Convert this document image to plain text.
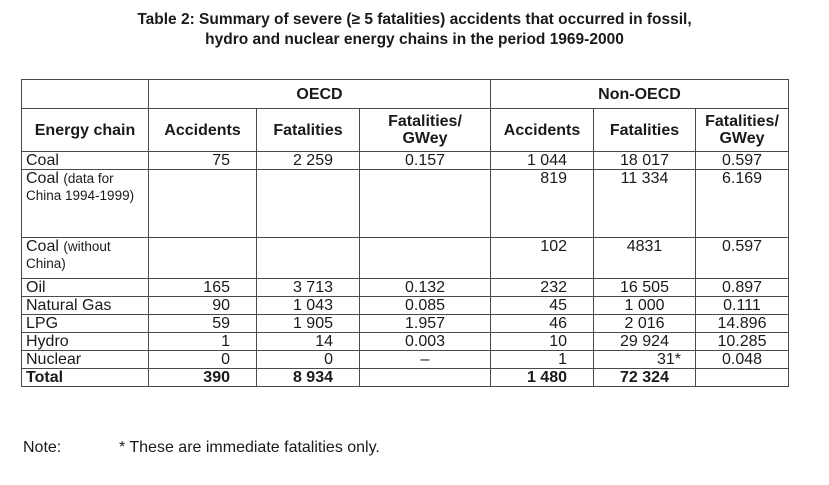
Table 2: Summary of severe (≥ 5 fatalities) accidents that occurred in fossil,
hydro and nuclear energy chains in the period 1969-2000
	OECD			Non-OECD		
Energy chain	Accidents	Fatalities	Fatalities/ GWey	Accidents	Fatalities	Fatalities/ GWey
Coal	75	2 259	0.157	1 044	18 017	0.597

Coal (data for China 1994-1999)				819	11 334	6.169

Coal (without China)				102	4831	0.597
Oil	165	3 713	0.132	232	16 505	0.897
Natural Gas	90	1 043	0.085	45	1 000	0.111
LPG	59	1 905	1.957	46	2 016	14.896
Hydro	1	14	0.003	10	29 924	10.285
Nuclear	0	0	–	1	31*	0.048
Total	390	8 934		1 480	72 324	
Note:	* These are immediate fatalities only.
